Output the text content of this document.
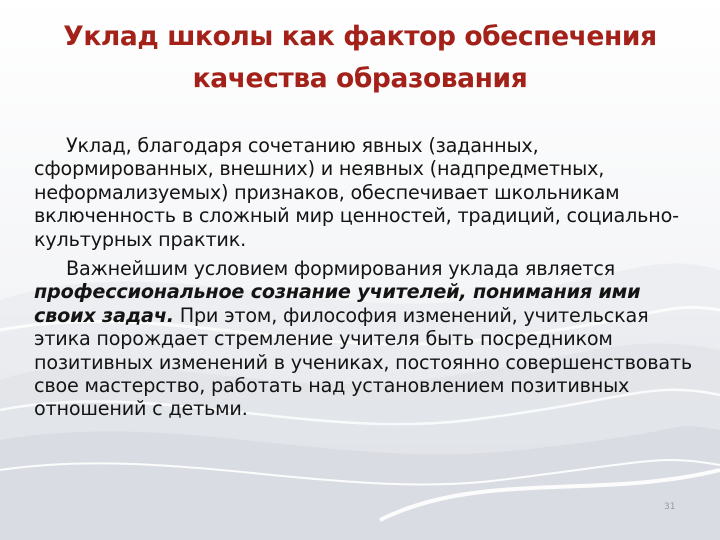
Уклад школы как фактор обеспечения
качества образования

Уклад, благодаря сочетанию явных (заданных, сформированных, внешних) и неявных (надпредметных, неформализуемых) признаков, обеспечивает школьникам включенность в сложный мир ценностей, традиций, социально-культурных практик.

Важнейшим условием формирования уклада является профессиональное сознание учителей, понимания ими своих задач. При этом, философия изменений, учительская этика порождает стремление учителя быть посредником позитивных изменений в учениках, постоянно совершенствовать свое мастерство, работать над установлением позитивных отношений с детьми.

31
